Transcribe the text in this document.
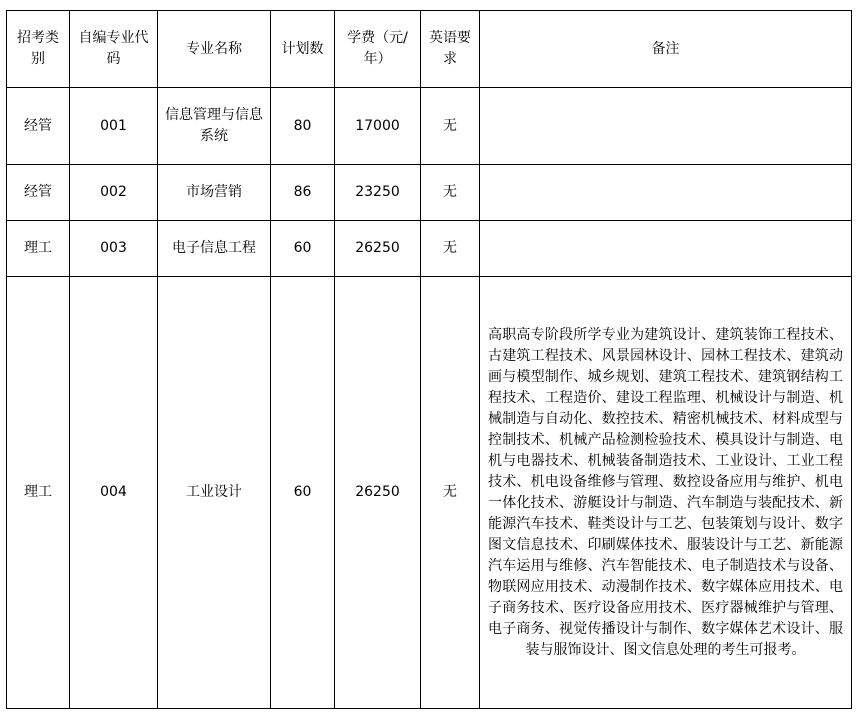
招考类别	自编专业代码	专业名称	计划数	学费（元/年）	英语要求	备注
经管	001	信息管理与信息系统	80	17000	无	
经管	002	市场营销	86	23250	无	
理工	003	电子信息工程	60	26250	无	
理工	004	工业设计	60	26250	无	高职高专阶段所学专业为建筑设计、建筑装饰工程技术、古建筑工程技术、风景园林设计、园林工程技术、建筑动画与模型制作、城乡规划、建筑工程技术、建筑钢结构工程技术、工程造价、建设工程监理、机械设计与制造、机械制造与自动化、数控技术、精密机械技术、材料成型与控制技术、机械产品检测检验技术、模具设计与制造、电机与电器技术、机械装备制造技术、工业设计、工业工程技术、机电设备维修与管理、数控设备应用与维护、机电一体化技术、游艇设计与制造、汽车制造与装配技术、新能源汽车技术、鞋类设计与工艺、包装策划与设计、数字图文信息技术、印刷媒体技术、服装设计与工艺、新能源汽车运用与维修、汽车智能技术、电子制造技术与设备、物联网应用技术、动漫制作技术、数字媒体应用技术、电子商务技术、医疗设备应用技术、医疗器械维护与管理、电子商务、视觉传播设计与制作、数字媒体艺术设计、服装与服饰设计、图文信息处理的考生可报考。
